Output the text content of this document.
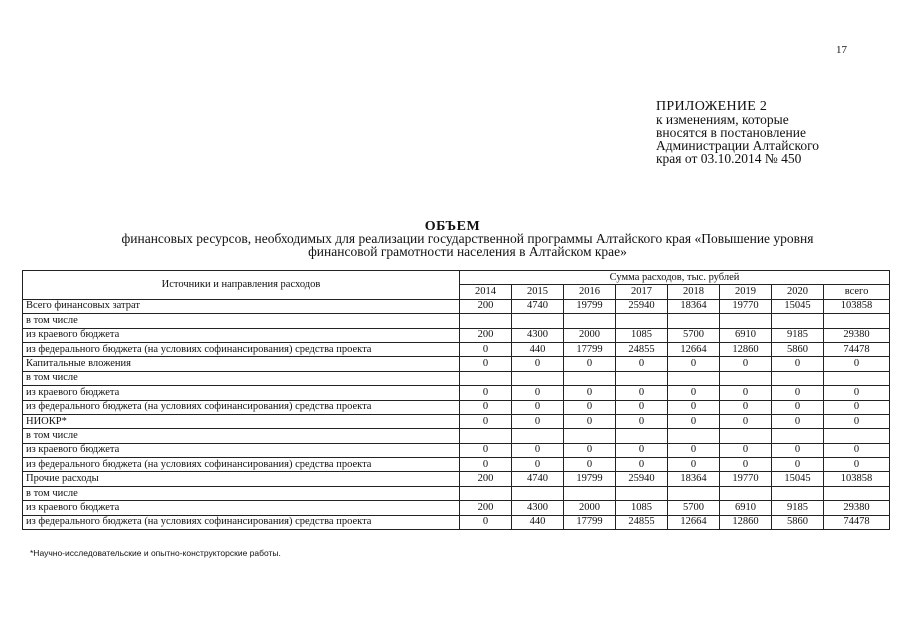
17
ПРИЛОЖЕНИЕ 2
к изменениям, которые
вносятся в постановление
Администрации Алтайского
края от 03.10.2014 № 450
ОБЪЕМ
финансовых ресурсов, необходимых для реализации государственной программы Алтайского края «Повышение уровня
финансовой грамотности населения в Алтайском крае»
Источники и направления расходов	Сумма расходов, тыс. рублей							
	2014	2015	2016	2017	2018	2019	2020	всего
Всего финансовых затрат	200	4740	19799	25940	18364	19770	15045	103858
в том числе								
из краевого бюджета	200	4300	2000	1085	5700	6910	9185	29380
из федерального бюджета (на условиях софинансирования) средства проекта	0	440	17799	24855	12664	12860	5860	74478
Капитальные вложения	0	0	0	0	0	0	0	0
в том числе								
из краевого бюджета	0	0	0	0	0	0	0	0
из федерального бюджета (на условиях софинансирования) средства проекта	0	0	0	0	0	0	0	0
НИОКР*	0	0	0	0	0	0	0	0
в том числе								
из краевого бюджета	0	0	0	0	0	0	0	0
из федерального бюджета (на условиях софинансирования) средства проекта	0	0	0	0	0	0	0	0
Прочие расходы	200	4740	19799	25940	18364	19770	15045	103858
в том числе								
из краевого бюджета	200	4300	2000	1085	5700	6910	9185	29380
из федерального бюджета (на условиях софинансирования) средства проекта	0	440	17799	24855	12664	12860	5860	74478
*Научно-исследовательские и опытно-конструкторские работы.
